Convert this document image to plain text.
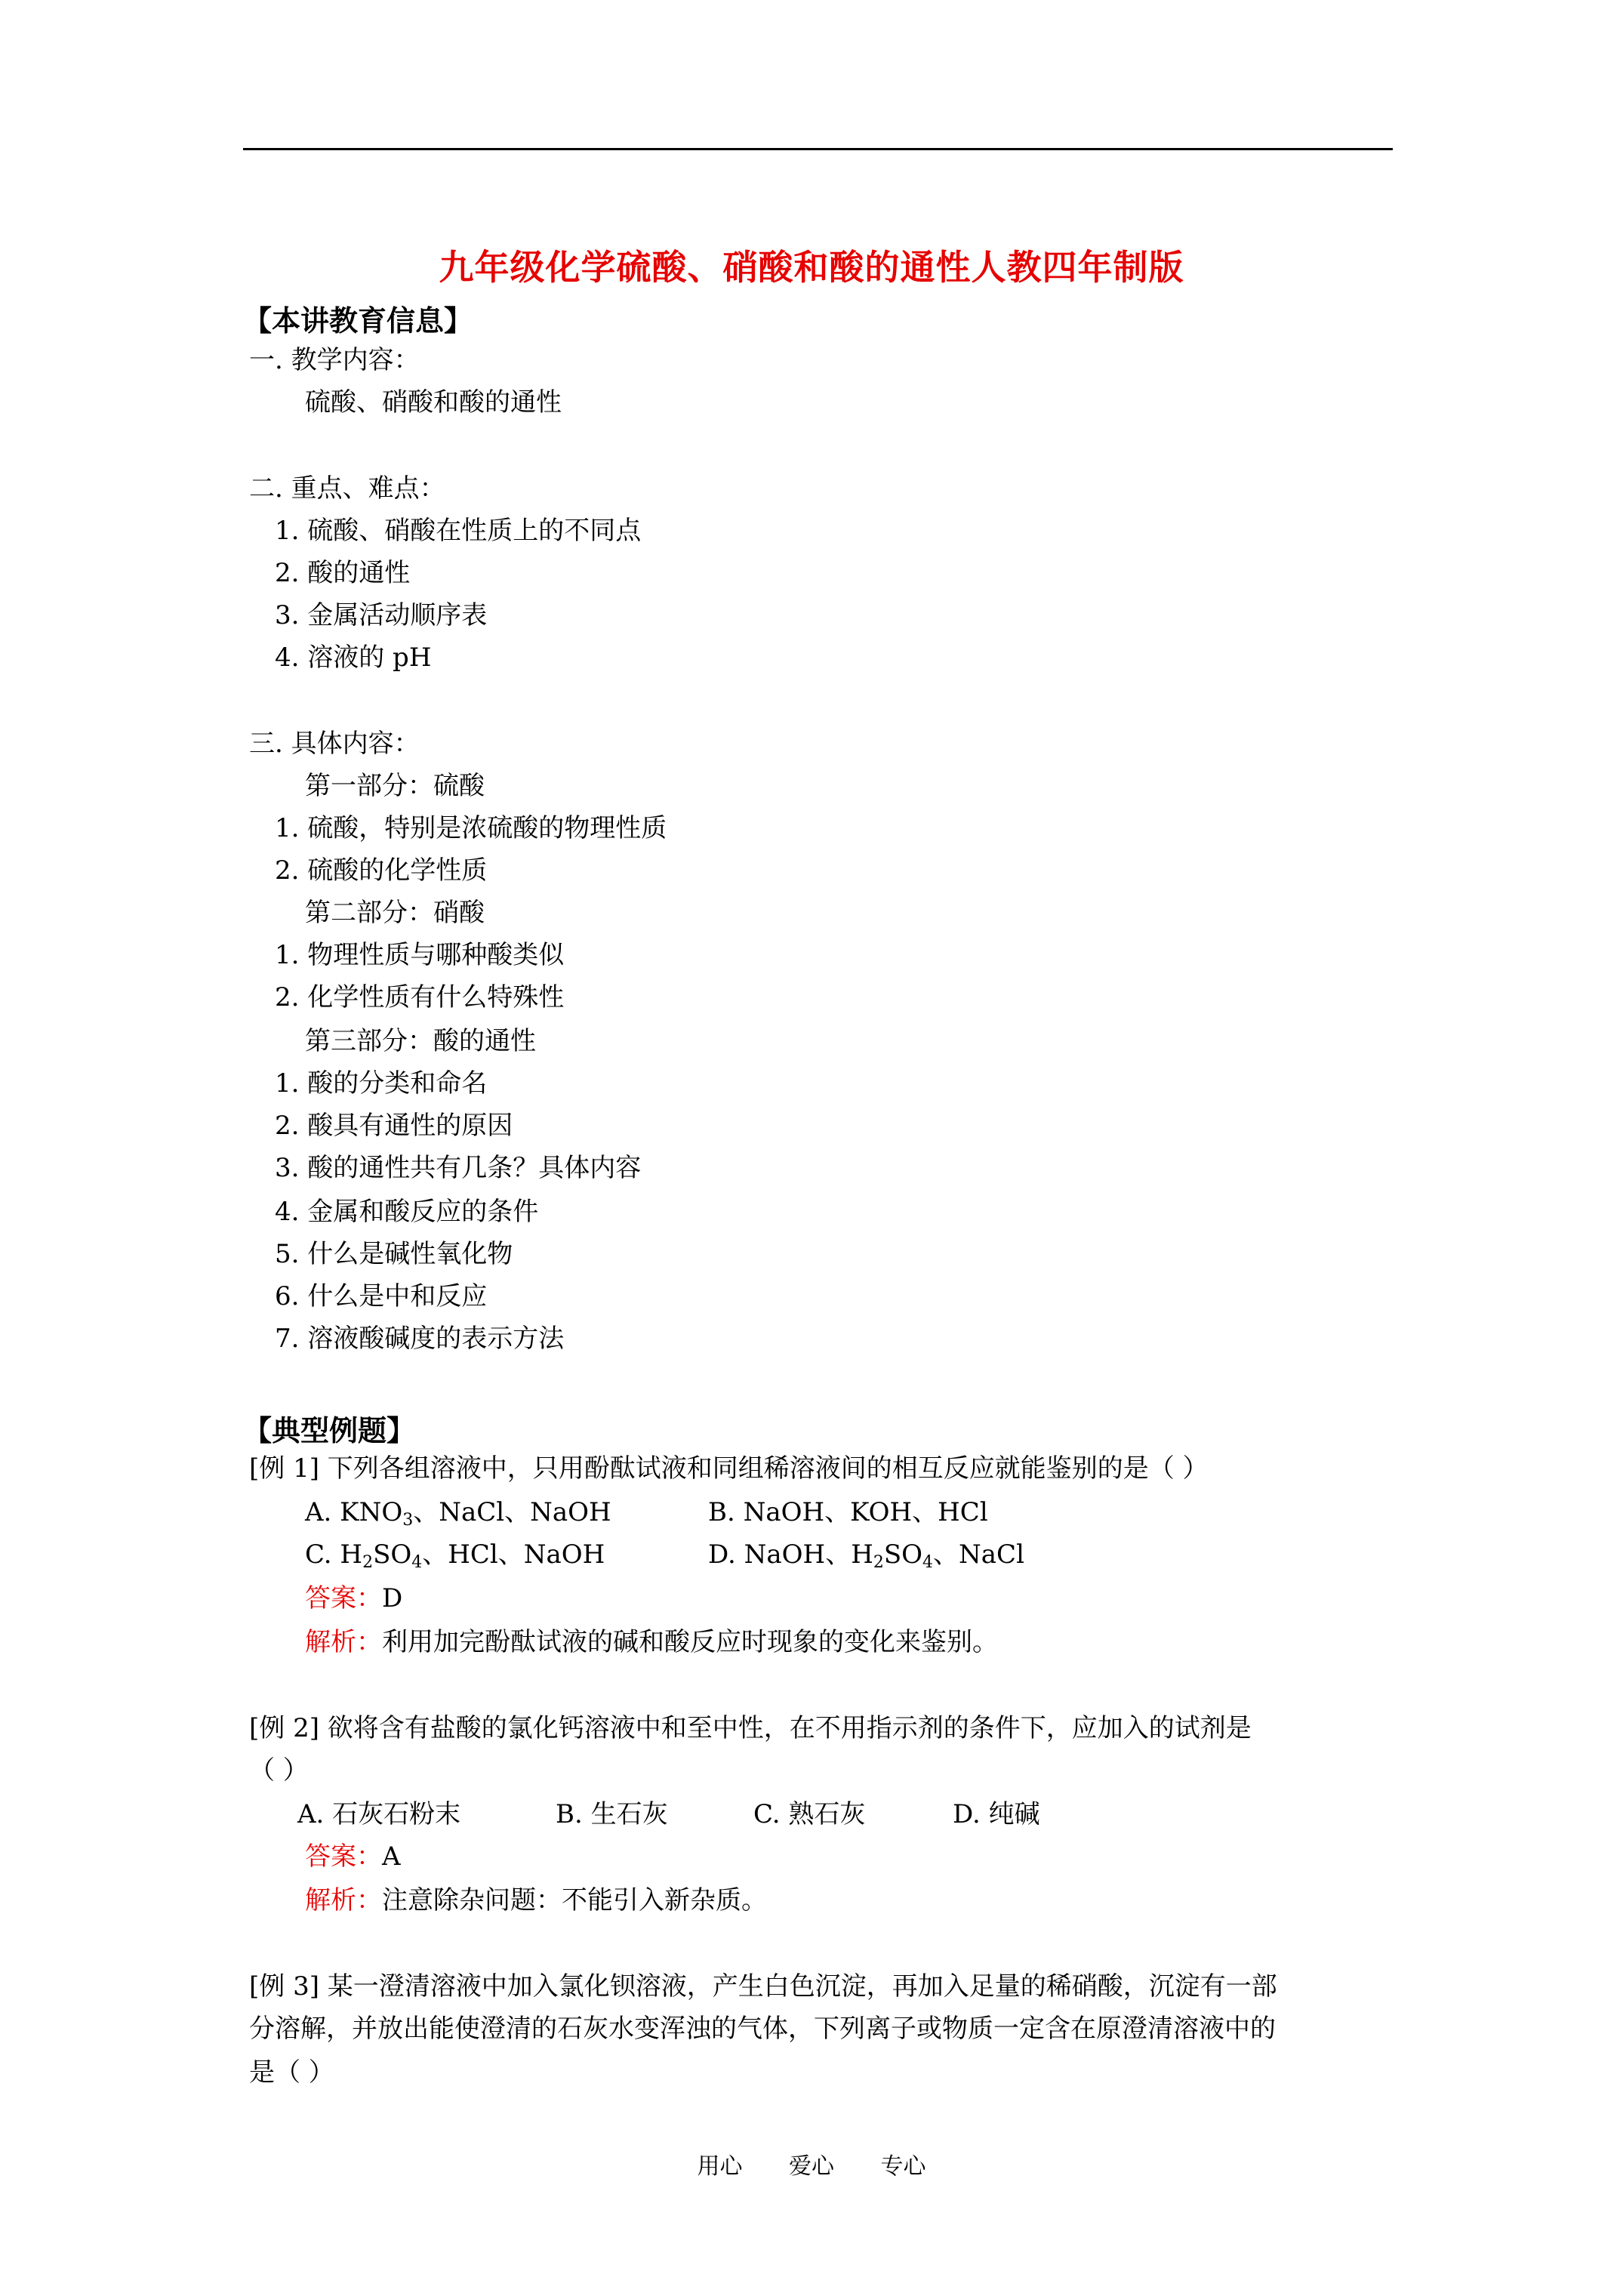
九年级化学硫酸、硝酸和酸的通性人教四年制版
【本讲教育信息】
一. 教学内容：
硫酸、硝酸和酸的通性
二. 重点、难点：
1. 硫酸、硝酸在性质上的不同点
2. 酸的通性
3. 金属活动顺序表
4. 溶液的 pH
三. 具体内容：
第一部分：硫酸
1. 硫酸，特别是浓硫酸的物理性质
2. 硫酸的化学性质
第二部分：硝酸
1. 物理性质与哪种酸类似
2. 化学性质有什么特殊性
第三部分：酸的通性
1. 酸的分类和命名
2. 酸具有通性的原因
3. 酸的通性共有几条？具体内容
4. 金属和酸反应的条件
5. 什么是碱性氧化物
6. 什么是中和反应
7. 溶液酸碱度的表示方法
【典型例题】
[例 1] 下列各组溶液中，只用酚酞试液和同组稀溶液间的相互反应就能鉴别的是（ ）
A. $KNO_3$、NaCl、NaOH	B. NaOH、KOH、HCl
C. $H_2SO_4$、HCl、NaOH	D. NaOH、$H_2SO_4$、NaCl
答案：D
解析：利用加完酚酞试液的碱和酸反应时现象的变化来鉴别。
[例 2] 欲将含有盐酸的氯化钙溶液中和至中性，在不用指示剂的条件下，应加入的试剂是
（ ）
A. 石灰石粉末	B. 生石灰	C. 熟石灰	D. 纯碱
答案：A
解析：注意除杂问题：不能引入新杂质。
[例 3] 某一澄清溶液中加入氯化钡溶液，产生白色沉淀，再加入足量的稀硝酸，沉淀有一部
分溶解，并放出能使澄清的石灰水变浑浊的气体，下列离子或物质一定含在原澄清溶液中的
是（ ）
用心 爱心 专心
